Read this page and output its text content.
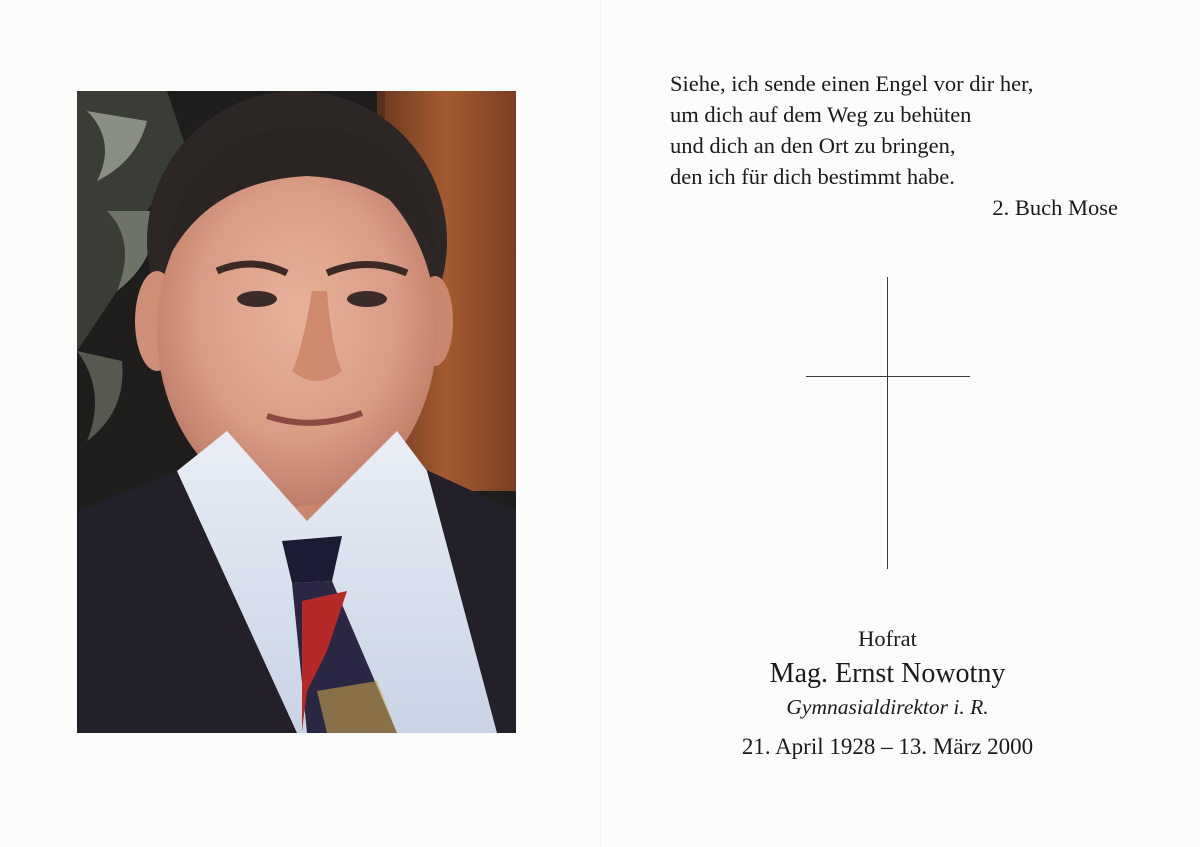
Siehe, ich sende einen Engel vor dir her,
um dich auf dem Weg zu behüten
und dich an den Ort zu bringen,
den ich für dich bestimmt habe.
2. Buch Mose

Hofrat
Mag. Ernst Nowotny
Gymnasialdirektor i. R.
21. April 1928 – 13. März 2000
